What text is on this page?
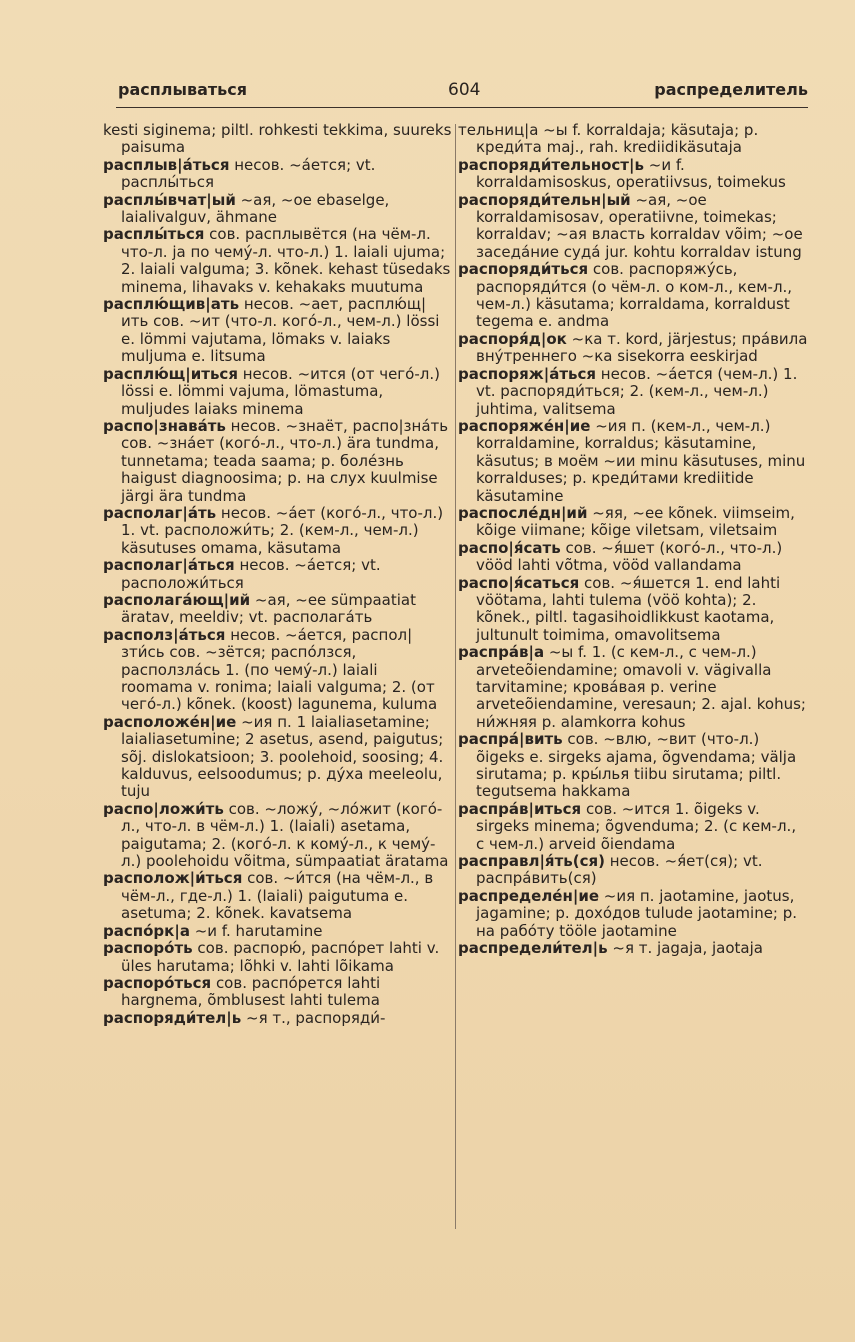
расплываться	604	распределитель

kesti siginema; piltl. rohkesti tekkima, suureks paisuma

расплыв|áться несов. ~áется; vt. расплы́ться

расплы́вчат|ый ~ая, ~ое ebaselge, laialivalguv, ähmane

расплы́ться сов. расплывётся (на чём-л. что-л. ja по чему́-л. что-л.) 1. laiali ujuma; 2. laiali valguma; 3. kõnek. kehast tüsedaks minema, lihavaks v. kehakaks muutuma

расплю́щив|ать несов. ~ает, расплю́щ|ить сов. ~ит (что-л. кого́-л., чем-л.) lössi e. lömmi vajutama, lömaks v. laiaks muljuma e. litsuma

расплю́щ|иться несов. ~ится (от чего́-л.) lössi e. lömmi vajuma, lömastuma, muljudes laiaks minema

распо|знава́ть несов. ~знаёт, распо|зна́ть сов. ~зна́ет (кого́-л., что-л.) ära tundma, tunnetama; teada saama; р. боле́знь haigust diagnoosima; р. на слух kuulmise järgi ära tundma

располаг|áть несов. ~áет (кого́-л., что-л.) 1. vt. расположи́ть; 2. (кем-л., чем-л.) käsutuses omama, käsutama

располаг|áться несов. ~áется; vt. расположи́ться

располага́ющ|ий ~ая, ~ее sümpaatiat äratav, meeldiv; vt. располага́ть

располз|áться несов. ~áется, распол|зти́сь сов. ~зётся; распо́лзся, расползла́сь 1. (по чему́-л.) laiali roomama v. ronima; laiali valguma; 2. (от чего́-л.) kõnek. (koost) lagunema, kuluma

расположе́н|ие ~ия п. 1 laialiasetamine; laialiasetumine; 2 asetus, asend, paigutus; sõj. dislokatsioon; 3. poolehoid, soosing; 4. kalduvus, eelsoodumus; р. ду́ха meeleolu, tuju

распо|ложи́ть сов. ~ложу́, ~ло́жит (кого́-л., что-л. в чём-л.) 1. (laiali) asetama, paigutama; 2. (кого́-л. к кому́-л., к чему́-л.) poolehoidu võitma, sümpaatiat äratama

располож|и́ться сов. ~и́тся (на чём-л., в чём-л., где-л.) 1. (laiali) paigutuma e. asetuma; 2. kõnek. kavatsema

распо́рк|а ~и f. harutamine

распоро́ть сов. распорю́, распо́рет lahti v. üles harutama; lõhki v. lahti lõikama

распоро́ться сов. распо́рется lahti hargnema, õmblusest lahti tulema

распоряди́тел|ь ~я т., распоряди́-

тельниц|а ~ы f. korraldaja; käsutaja; р. креди́та maj., rah. krediidikäsutaja

распоряди́тельност|ь ~и f. korraldamisoskus, operatiivsus, toimekus

распоряди́тельн|ый ~ая, ~ое korraldamisosav, operatiivne, toimekas; korraldav; ~ая власть korraldav võim; ~ое заседа́ние суда́ jur. kohtu korraldav istung

распоряди́ться сов. распоряжу́сь, распоряди́тся (о чём-л. о ком-л., кем-л., чем-л.) käsutama; korraldama, korraldust tegema e. andma

распоря́д|ок ~ка т. kord, järjestus; пра́вила вну́треннего ~ка sisekorra eeskirjad

распоряж|а́ться несов. ~а́ется (чем-л.) 1. vt. распоряди́ться; 2. (кем-л., чем-л.) juhtima, valitsema

распоряже́н|ие ~ия п. (кем-л., чем-л.) korraldamine, korraldus; käsutamine, käsutus; в моём ~ии minu käsutuses, minu korralduses; р. креди́тами krediitide käsutamine

распосле́дн|ий ~яя, ~ее kõnek. viimseim, kõige viimane; kõige viletsam, viletsaim

распо|я́сать сов. ~я́шет (кого́-л., что-л.) vööd lahti võtma, vööd vallandama

распо|я́саться сов. ~я́шется 1. end lahti vöötama, lahti tulema (vöö kohta); 2. kõnek., piltl. tagasihoidlikkust kaotama, jultunult toimima, omavolitsema

распра́в|а ~ы f. 1. (с кем-л., с чем-л.) arveteõiendamine; omavoli v. vägivalla tarvitamine; крова́вая р. verine arveteõiendamine, veresaun; 2. ajal. kohus; ни́жняя р. alamkorra kohus

распра́|вить сов. ~влю, ~вит (что-л.) õigeks e. sirgeks ajama, õgvendama; välja sirutama; р. кры́лья tiibu sirutama; piltl. tegutsema hakkama

распра́в|иться сов. ~ится 1. õigeks v. sirgeks minema; õgvenduma; 2. (с кем-л., с чем-л.) arveid õiendama

расправл|я́ть(ся) несов. ~я́ет(ся); vt. распра́вить(ся)

распределе́н|ие ~ия п. jaotamine, jaotus, jagamine; р. дохо́дов tulude jaotamine; р. на рабо́ту tööle jaotamine

распредели́тел|ь ~я т. jagaja, jaotaja
